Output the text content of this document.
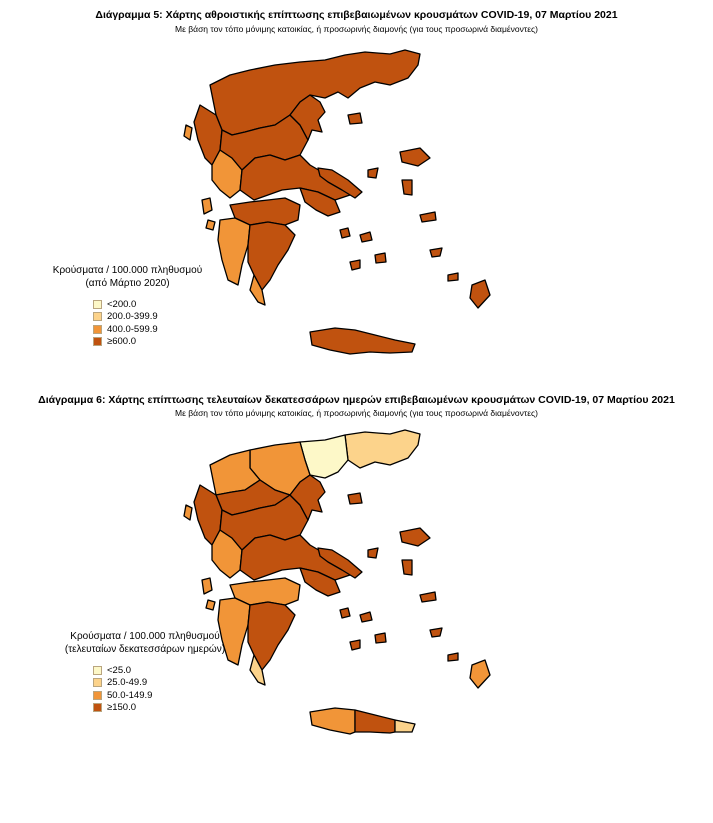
Διάγραμμα 5: Χάρτης αθροιστικής επίπτωσης επιβεβαιωμένων κρουσμάτων COVID-19, 07 Μαρτίου 2021
Με βάση τον τόπο μόνιμης κατοικίας, ή προσωρινής διαμονής (για τους προσωρινά διαμένοντες)
Κρούσματα / 100.000 πληθυσμού
(από Μάρτιο 2020)
<200.0
200.0-399.9
400.0-599.9
≥600.0
Διάγραμμα 6: Χάρτης επίπτωσης τελευταίων δεκατεσσάρων ημερών επιβεβαιωμένων κρουσμάτων COVID-19, 07 Μαρτίου 2021
Με βάση τον τόπο μόνιμης κατοικίας, ή προσωρινής διαμονής (για τους προσωρινά διαμένοντες)
Κρούσματα / 100.000 πληθυσμού
(τελευταίων δεκατεσσάρων ημερών)
<25.0
25.0-49.9
50.0-149.9
≥150.0
